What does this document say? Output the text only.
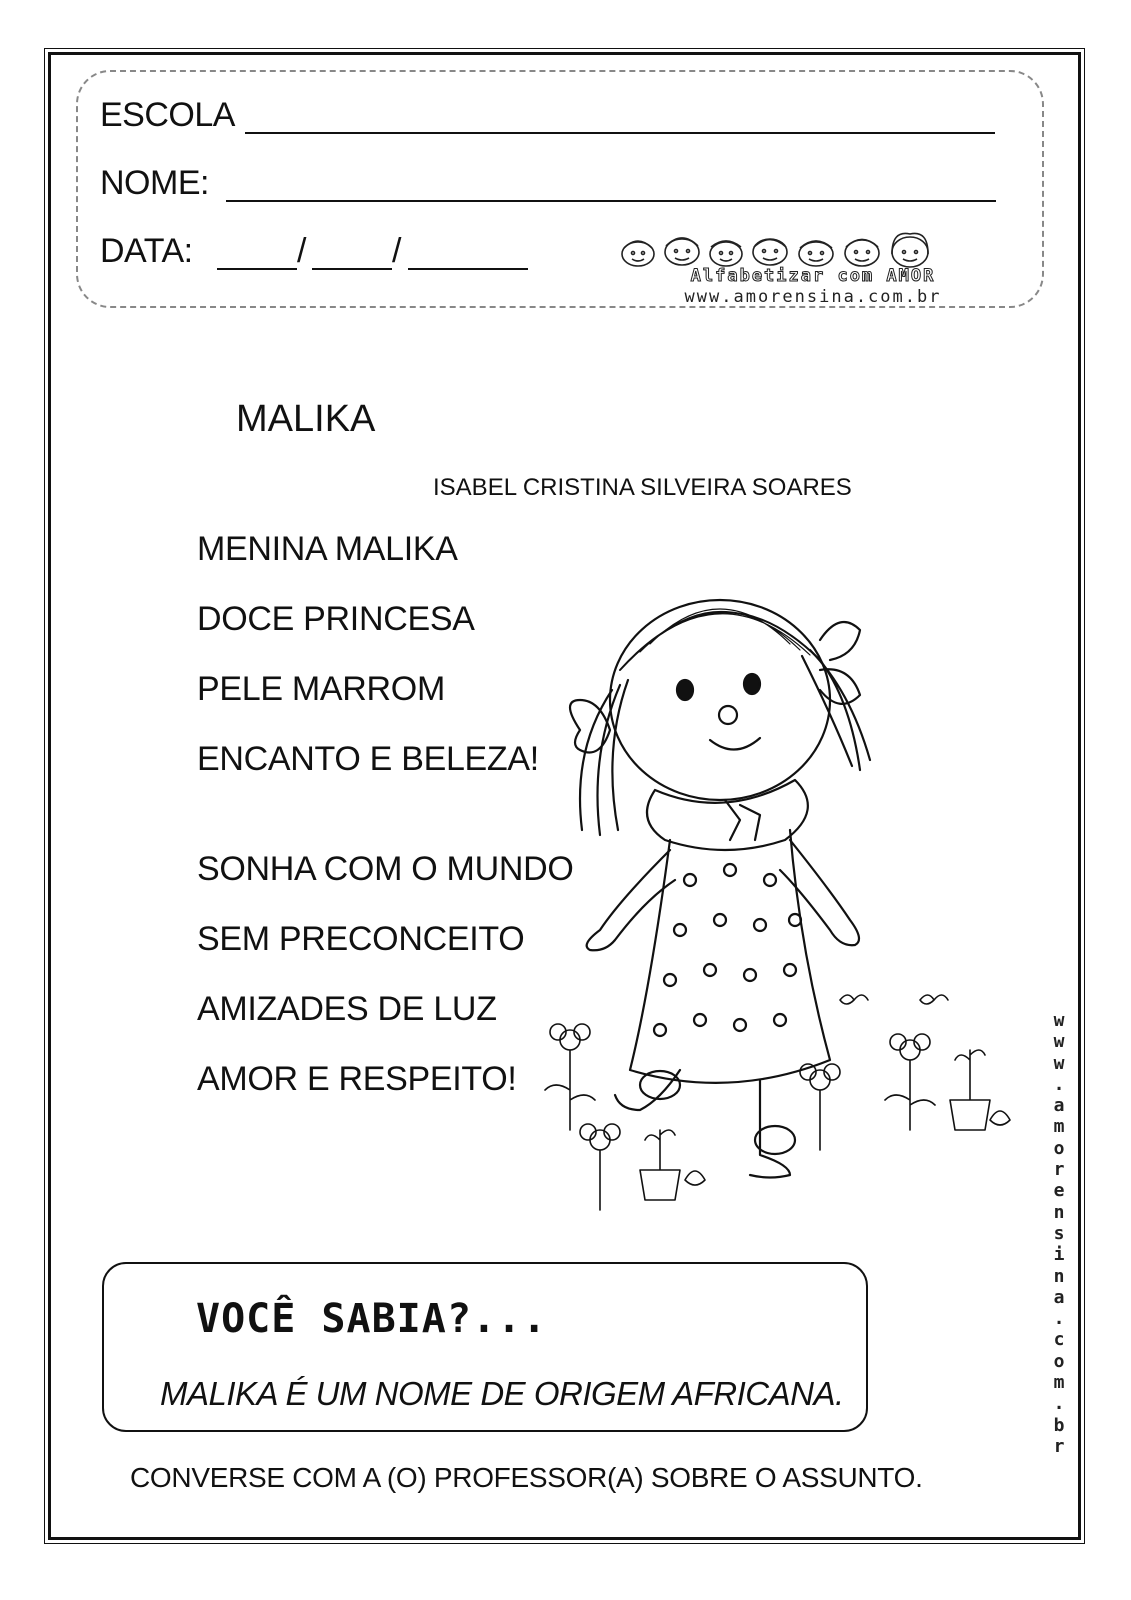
ESCOLA
NOME:
DATA:	/	/
Alfabetizar com AMOR
www.amorensina.com.br
MALIKA
ISABEL CRISTINA SILVEIRA SOARES
MENINA MALIKA
DOCE PRINCESA
PELE MARROM
ENCANTO E BELEZA!
SONHA COM O MUNDO
SEM PRECONCEITO
AMIZADES DE LUZ
AMOR E RESPEITO!
VOCÊ SABIA?...
MALIKA É UM NOME DE ORIGEM AFRICANA.
CONVERSE COM A (O) PROFESSOR(A) SOBRE O ASSUNTO.
w
w
w
.
a
m
o
r
e
n
s
i
n
a
.
c
o
m
.
b
r
